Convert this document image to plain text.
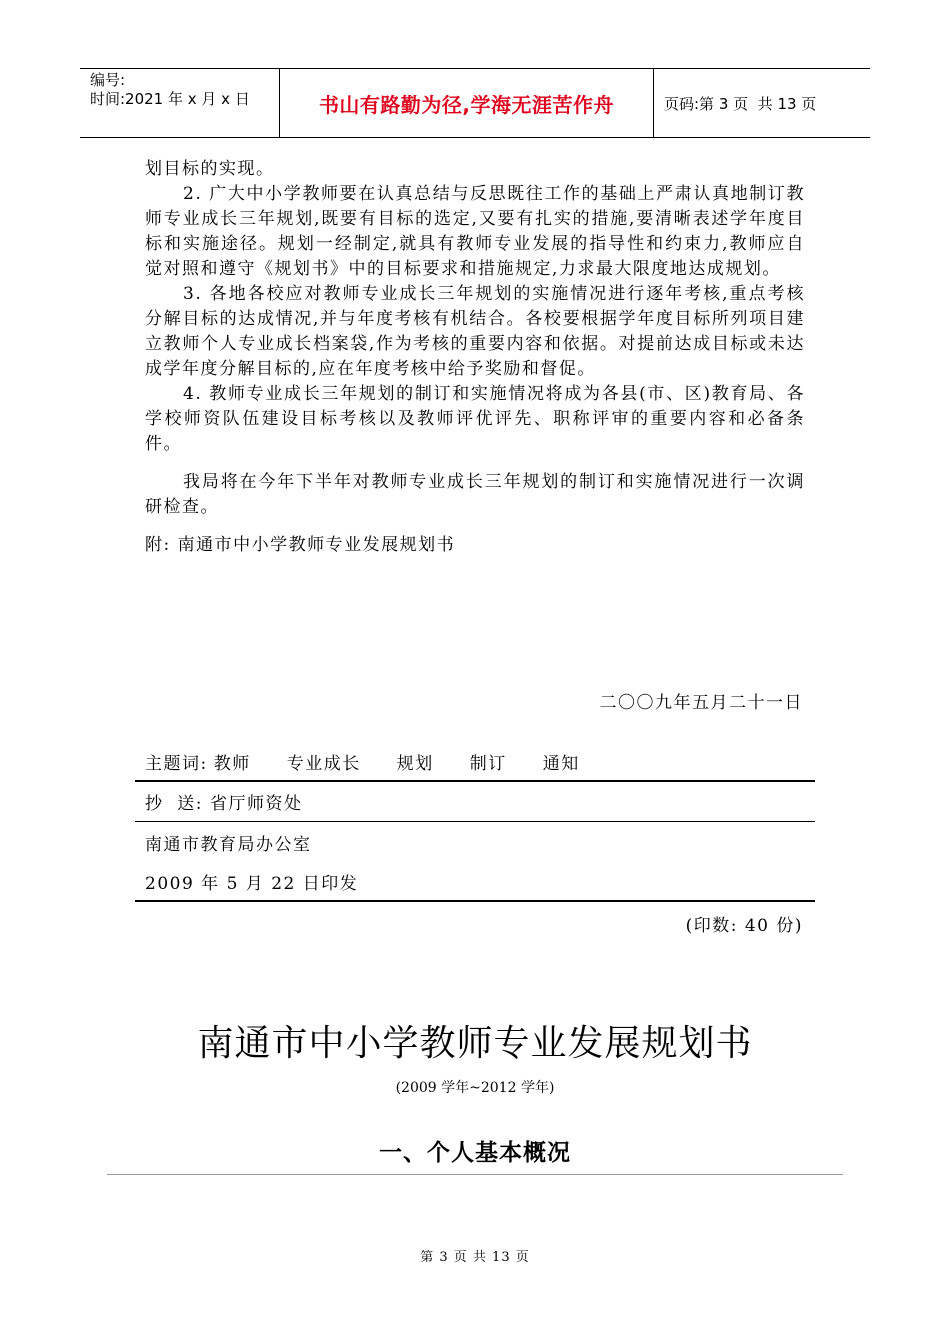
编号:
时间:2021 年 x 月 x 日	书山有路勤为径,学海无涯苦作舟	页码:第 3 页  共 13 页

划目标的实现。

2. 广大中小学教师要在认真总结与反思既往工作的基础上严肃认真地制订教师专业成长三年规划,既要有目标的选定,又要有扎实的措施,要清晰表述学年度目标和实施途径。规划一经制定,就具有教师专业发展的指导性和约束力,教师应自觉对照和遵守《规划书》中的目标要求和措施规定,力求最大限度地达成规划。

3. 各地各校应对教师专业成长三年规划的实施情况进行逐年考核,重点考核分解目标的达成情况,并与年度考核有机结合。各校要根据学年度目标所列项目建立教师个人专业成长档案袋,作为考核的重要内容和依据。对提前达成目标或未达成学年度分解目标的,应在年度考核中给予奖励和督促。

4. 教师专业成长三年规划的制订和实施情况将成为各县(市、区)教育局、各学校师资队伍建设目标考核以及教师评优评先、职称评审的重要内容和必备条件。

我局将在今年下半年对教师专业成长三年规划的制订和实施情况进行一次调研检查。

附: 南通市中小学教师专业发展规划书

二〇〇九年五月二十一日
主题词: 教师 专业成长 规划 制订 通知
抄  送: 省厅师资处
南通市教育局办公室
2009 年 5 月 22 日印发
(印数: 40 份)
南通市中小学教师专业发展规划书
(2009 学年~2012 学年)
一、个人基本概况
第 3 页 共 13 页
